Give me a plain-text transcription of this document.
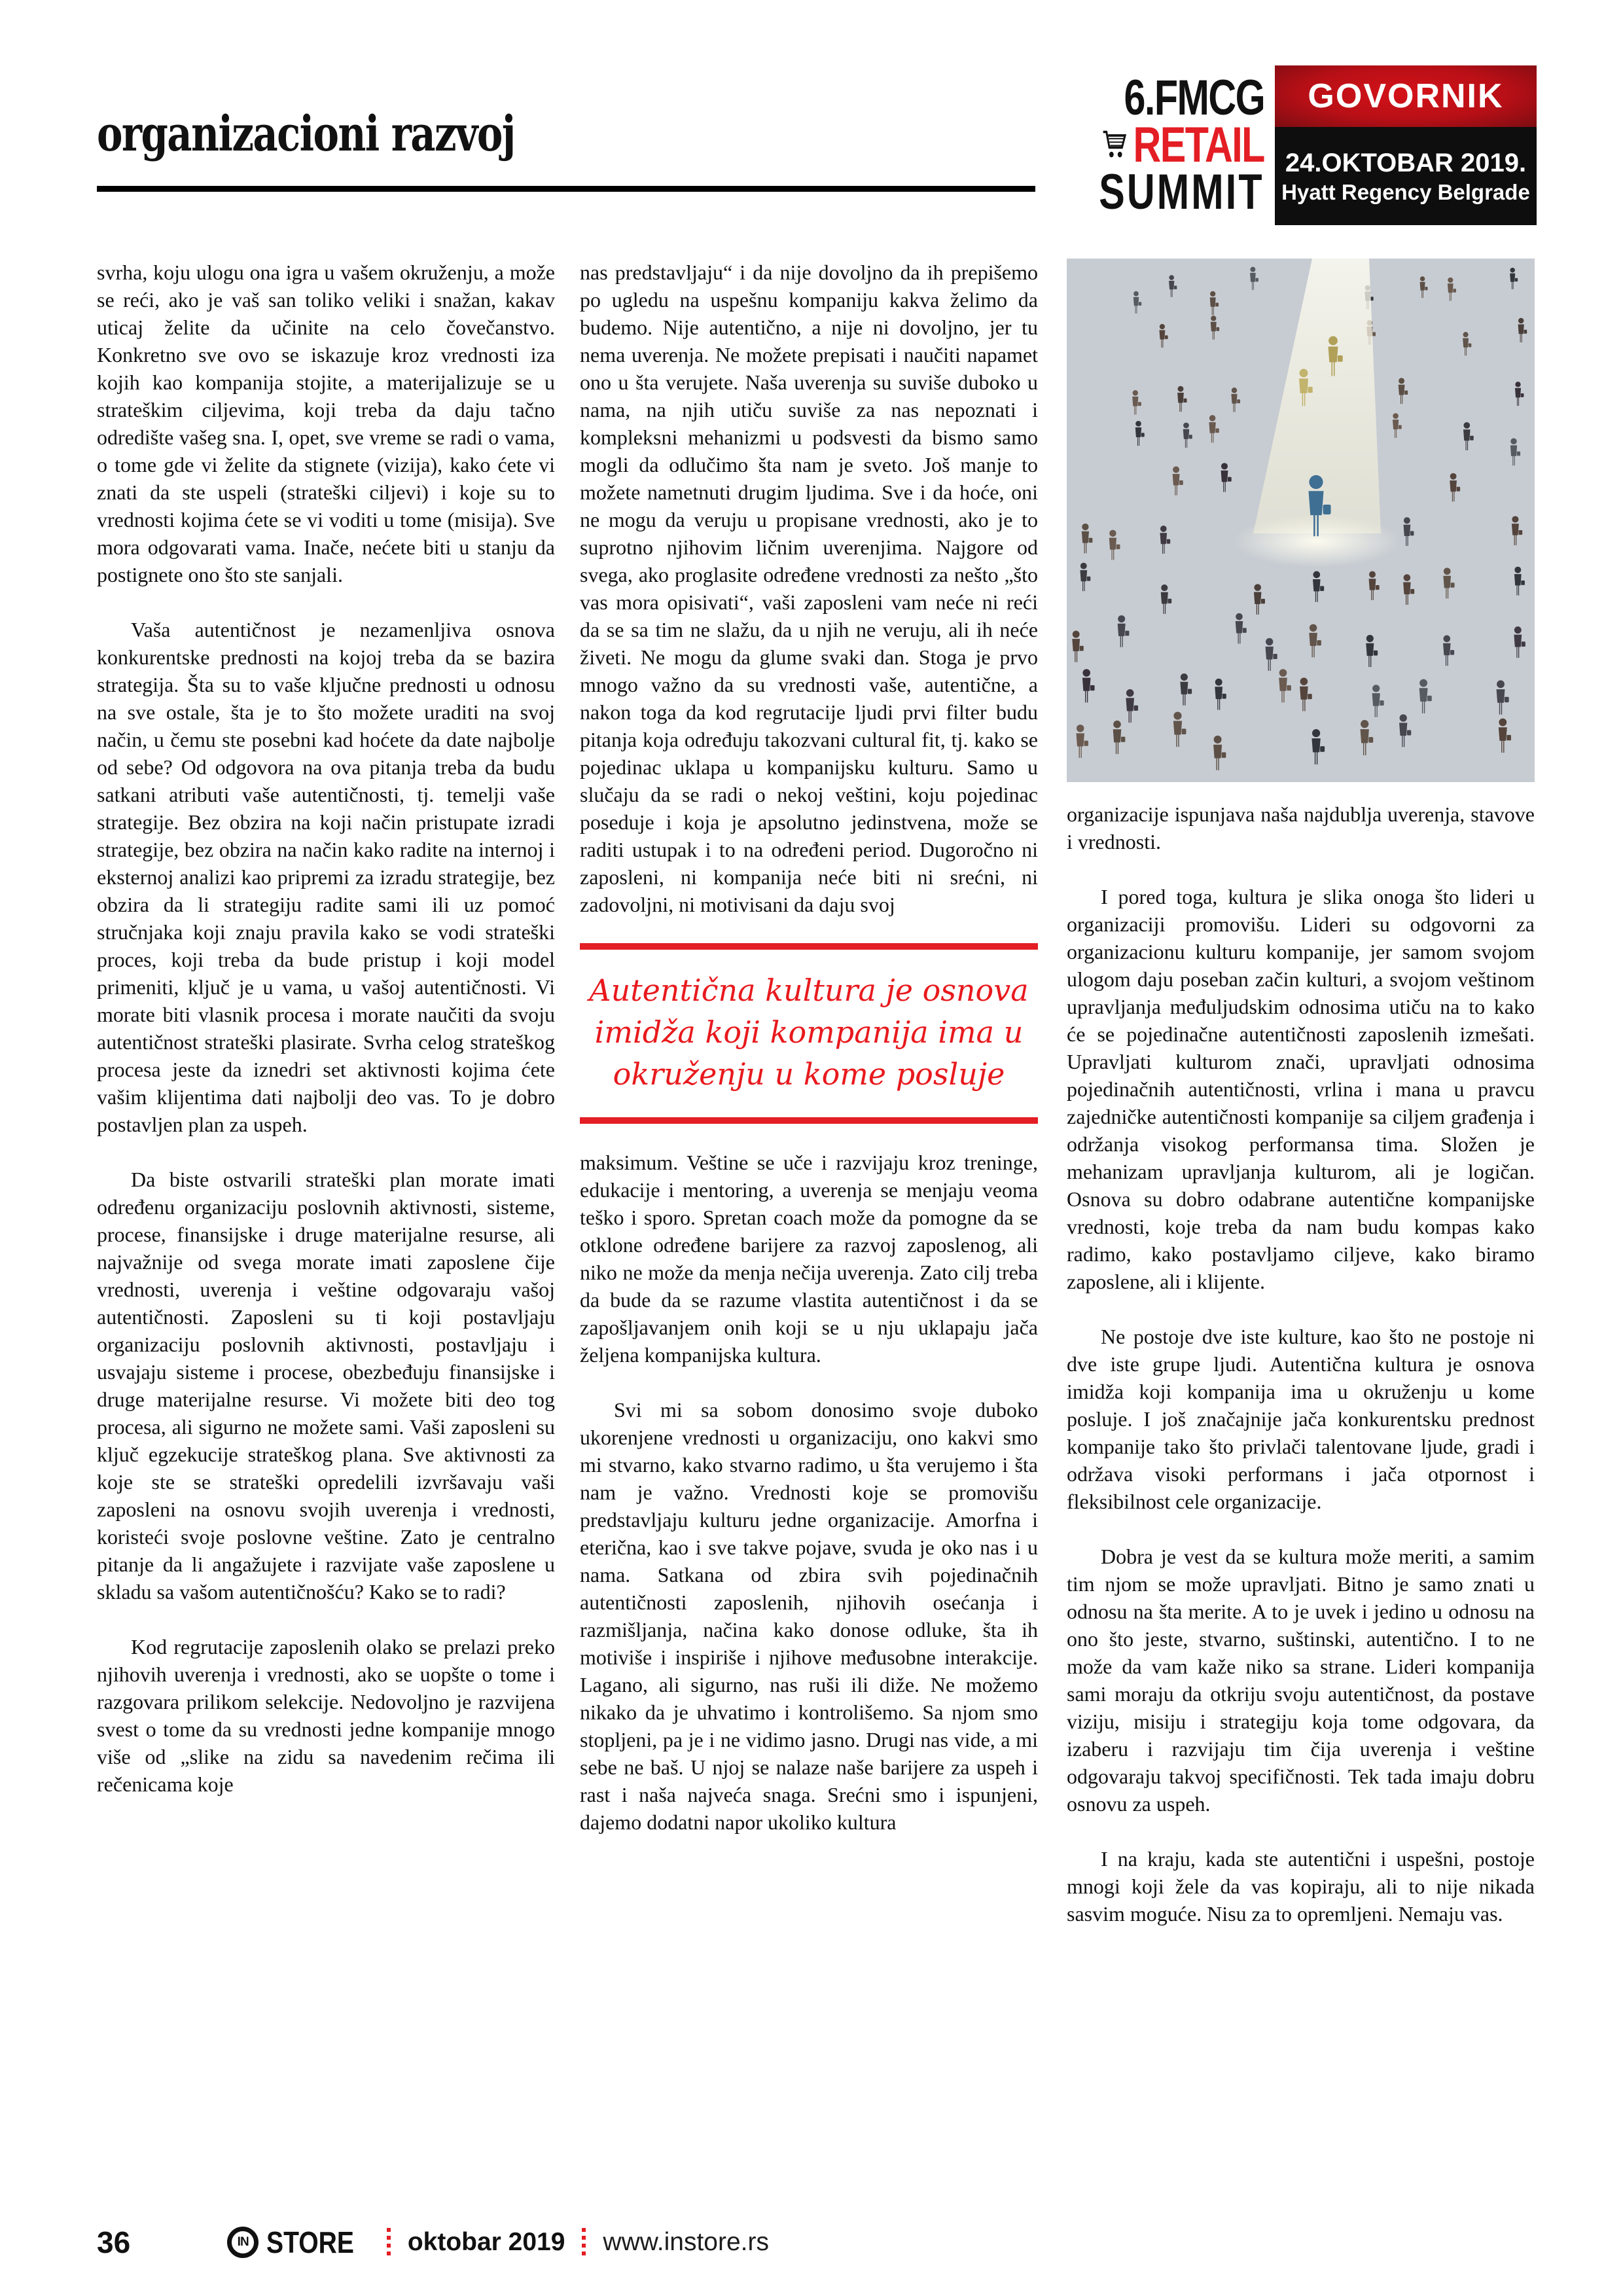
organizacioni razvoj
6.FMCG
RETAIL
SUMMIT
GOVORNIK
24.OKTOBAR 2019.
Hyatt Regency Belgrade

svrha, koju ulogu ona igra u vašem okruženju, a može se reći, ako je vaš san toliko veliki i snažan, kakav uticaj želite da učinite na celo čovečanstvo. Konkretno sve ovo se iskazuje kroz vrednosti iza kojih kao kompanija stojite, a materijalizuje se u strateškim ciljevima, koji treba da daju tačno odredište vašeg sna. I, opet, sve vreme se radi o vama, o tome gde vi želite da stignete (vizija), kako ćete vi znati da ste uspeli (strateški ciljevi) i koje su to vrednosti kojima ćete se vi voditi u tome (misija). Sve mora odgovarati vama. Inače, nećete biti u stanju da postignete ono što ste sanjali.

Vaša autentičnost je nezamenljiva osnova konkurentske prednosti na kojoj treba da se bazira strategija. Šta su to vaše ključne prednosti u odnosu na sve ostale, šta je to što možete uraditi na svoj način, u čemu ste posebni kad hoćete da date najbolje od sebe? Od odgovora na ova pitanja treba da budu satkani atributi vaše autentičnosti, tj. temelji vaše strategije. Bez obzira na koji način pristupate izradi strategije, bez obzira na način kako radite na internoj i eksternoj analizi kao pripremi za izradu strategije, bez obzira da li strategiju radite sami ili uz pomoć stručnjaka koji znaju pravila kako se vodi strateški proces, koji treba da bude pristup i koji model primeniti, ključ je u vama, u vašoj autentičnosti. Vi morate biti vlasnik procesa i morate naučiti da svoju autentičnost strateški plasirate. Svrha celog strateškog procesa jeste da iznedri set aktivnosti kojima ćete vašim klijentima dati najbolji deo vas. To je dobro postavljen plan za uspeh.

Da biste ostvarili strateški plan morate imati određenu organizaciju poslovnih aktivnosti, sisteme, procese, finansijske i druge materijalne resurse, ali najvažnije od svega morate imati zaposlene čije vrednosti, uverenja i veštine odgovaraju vašoj autentičnosti. Zaposleni su ti koji postavljaju organizaciju poslovnih aktivnosti, postavljaju i usvajaju sisteme i procese, obezbeđuju finansijske i druge materijalne resurse. Vi možete biti deo tog procesa, ali sigurno ne možete sami. Vaši zaposleni su ključ egzekucije strateškog plana. Sve aktivnosti za koje ste se strateški opredelili izvršavaju vaši zaposleni na osnovu svojih uverenja i vrednosti, koristeći svoje poslovne veštine. Zato je centralno pitanje da li angažujete i razvijate vaše zaposlene u skladu sa vašom autentičnošću? Kako se to radi?

Kod regrutacije zaposlenih olako se prelazi preko njihovih uverenja i vrednosti, ako se uopšte o tome i razgovara prilikom selekcije. Nedovoljno je razvijena svest o tome da su vrednosti jedne kompanije mnogo više od „slike na zidu sa navedenim rečima ili rečenicama koje

nas predstavljaju“ i da nije dovoljno da ih prepišemo po ugledu na uspešnu kompaniju kakva želimo da budemo. Nije autentično, a nije ni dovoljno, jer tu nema uverenja. Ne možete prepisati i naučiti napamet ono u šta verujete. Naša uverenja su suviše duboko u nama, na njih utiču suviše za nas nepoznati i kompleksni mehanizmi u podsvesti da bismo samo mogli da odlučimo šta nam je sveto. Još manje to možete nametnuti drugim ljudima. Sve i da hoće, oni ne mogu da veruju u propisane vrednosti, ako je to suprotno njihovim ličnim uverenjima. Najgore od svega, ako proglasite određene vrednosti za nešto „što vas mora opisivati“, vaši zaposleni vam neće ni reći da se sa tim ne slažu, da u njih ne veruju, ali ih neće živeti. Ne mogu da glume svaki dan. Stoga je prvo mnogo važno da su vrednosti vaše, autentične, a nakon toga da kod regrutacije ljudi prvi filter budu pitanja koja određuju takozvani cultural fit, tj. kako se pojedinac uklapa u kompanijsku kulturu. Samo u slučaju da se radi o nekoj veštini, koju pojedinac poseduje i koja je apsolutno jedinstvena, može se raditi ustupak i to na određeni period. Dugoročno ni zaposleni, ni kompanija neće biti ni srećni, ni zadovoljni, ni motivisani da daju svoj

Autentična kultura je osnova imidža koji kompanija ima u okruženju u kome posluje

maksimum. Veštine se uče i razvijaju kroz treninge, edukacije i mentoring, a uverenja se menjaju veoma teško i sporo. Spretan coach može da pomogne da se otklone određene barijere za razvoj zaposlenog, ali niko ne može da menja nečija uverenja. Zato cilj treba da bude da se razume vlastita autentičnost i da se zapošljavanjem onih koji se u nju uklapaju jača željena kompanijska kultura.

Svi mi sa sobom donosimo svoje duboko ukorenjene vrednosti u organizaciju, ono kakvi smo mi stvarno, kako stvarno radimo, u šta verujemo i šta nam je važno. Vrednosti koje se promovišu predstavljaju kulturu jedne organizacije. Amorfna i eterična, kao i sve takve pojave, svuda je oko nas i u nama. Satkana od zbira svih pojedinačnih autentičnosti zaposlenih, njihovih osećanja i razmišljanja, načina kako donose odluke, šta ih motiviše i inspiriše i njihove međusobne interakcije. Lagano, ali sigurno, nas ruši ili diže. Ne možemo nikako da je uhvatimo i kontrolišemo. Sa njom smo stopljeni, pa je i ne vidimo jasno. Drugi nas vide, a mi sebe ne baš. U njoj se nalaze naše barijere za uspeh i rast i naša najveća snaga. Srećni smo i ispunjeni, dajemo dodatni napor ukoliko kultura

organizacije ispunjava naša najdublja uverenja, stavove i vrednosti.

I pored toga, kultura je slika onoga što lideri u organizaciji promovišu. Lideri su odgovorni za organizacionu kulturu kompanije, jer samom svojom ulogom daju poseban začin kulturi, a svojom veštinom upravljanja međuljudskim odnosima utiču na to kako će se pojedinačne autentičnosti zaposlenih izmešati. Upravljati kulturom znači, upravljati odnosima pojedinačnih autentičnosti, vrlina i mana u pravcu zajedničke autentičnosti kompanije sa ciljem građenja i održanja visokog performansa tima. Složen je mehanizam upravljanja kulturom, ali je logičan. Osnova su dobro odabrane autentične kompanijske vrednosti, koje treba da nam budu kompas kako radimo, kako postavljamo ciljeve, kako biramo zaposlene, ali i klijente.

Ne postoje dve iste kulture, kao što ne postoje ni dve iste grupe ljudi. Autentična kultura je osnova imidža koji kompanija ima u okruženju u kome posluje. I još značajnije jača konkurentsku prednost kompanije tako što privlači talentovane ljude, gradi i održava visoki performans i jača otpornost i fleksibilnost cele organizacije.

Dobra je vest da se kultura može meriti, a samim tim njom se može upravljati. Bitno je samo znati u odnosu na šta merite. A to je uvek i jedino u odnosu na ono što jeste, stvarno, suštinski, autentično. I to ne može da vam kaže niko sa strane. Lideri kompanija sami moraju da otkriju svoju autentičnost, da postave viziju, misiju i strategiju koja tome odgovara, da izaberu i razvijaju tim čija uverenja i veštine odgovaraju takvoj specifičnosti. Tek tada imaju dobru osnovu za uspeh.

I na kraju, kada ste autentični i uspešni, postoje mnogi koji žele da vas kopiraju, ali to nije nikada sasvim moguće. Nisu za to opremljeni. Nemaju vas.

36	IN STORE oktobar 2019 www.instore.rs
